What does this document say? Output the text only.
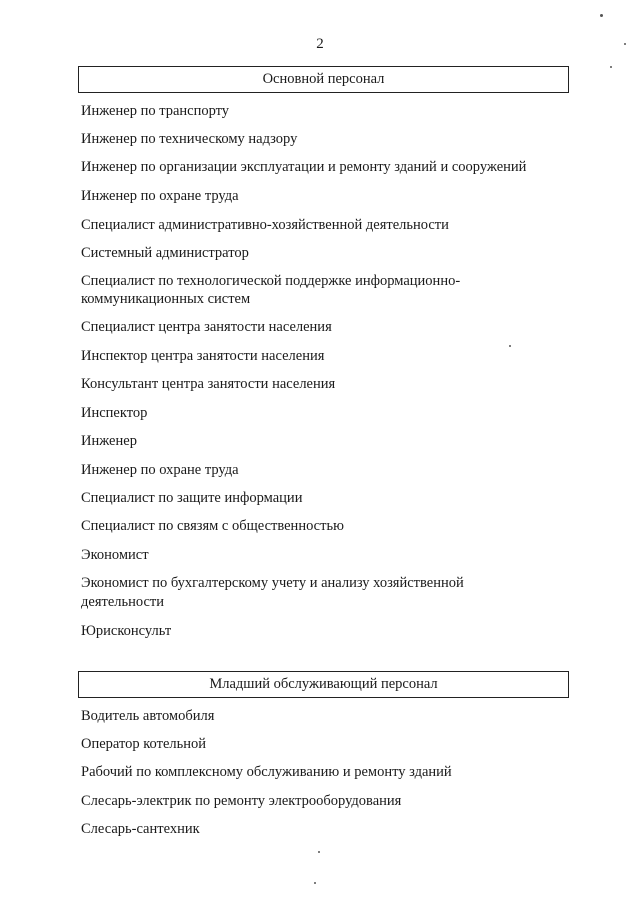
2
Основной персонал
Инженер по транспорту
Инженер по техническому надзору
Инженер по организации эксплуатации и ремонту зданий и сооружений
Инженер по охране труда
Специалист административно-хозяйственной деятельности
Системный администратор
Специалист по технологической поддержке информационно-
коммуникационных систем
Специалист центра занятости населения
Инспектор центра занятости населения
Консультант центра занятости населения
Инспектор
Инженер
Инженер по охране труда
Специалист по защите информации
Специалист по связям с общественностью
Экономист
Экономист по бухгалтерскому учету и анализу хозяйственной
деятельности
Юрисконсульт
Младший обслуживающий персонал
Водитель автомобиля
Оператор котельной
Рабочий по комплексному обслуживанию и ремонту зданий
Слесарь-электрик по ремонту электрооборудования
Слесарь-сантехник
